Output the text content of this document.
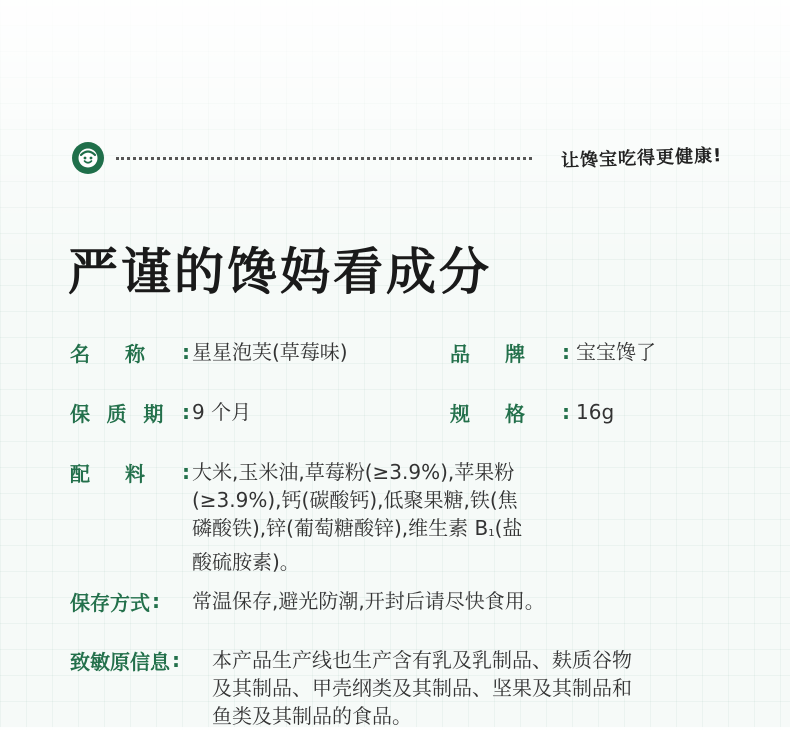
让馋宝吃得更健康!
严谨的馋妈看成分
名 称 : 星星泡芙(草莓味)	品 牌 : 宝宝馋了
保 质 期 : 9 个月	规 格 : 16g
配 料 : 大米,玉米油,草莓粉(≥3.9%),苹果粉
(≥3.9%),钙(碳酸钙),低聚果糖,铁(焦
磷酸铁),锌(葡萄糖酸锌),维生素 $B_1$(盐
酸硫胺素)。
保存方式 : 常温保存,避光防潮,开封后请尽快食用。
致敏原信息 : 本产品生产线也生产含有乳及乳制品、麸质谷物
及其制品、甲壳纲类及其制品、坚果及其制品和
鱼类及其制品的食品。
